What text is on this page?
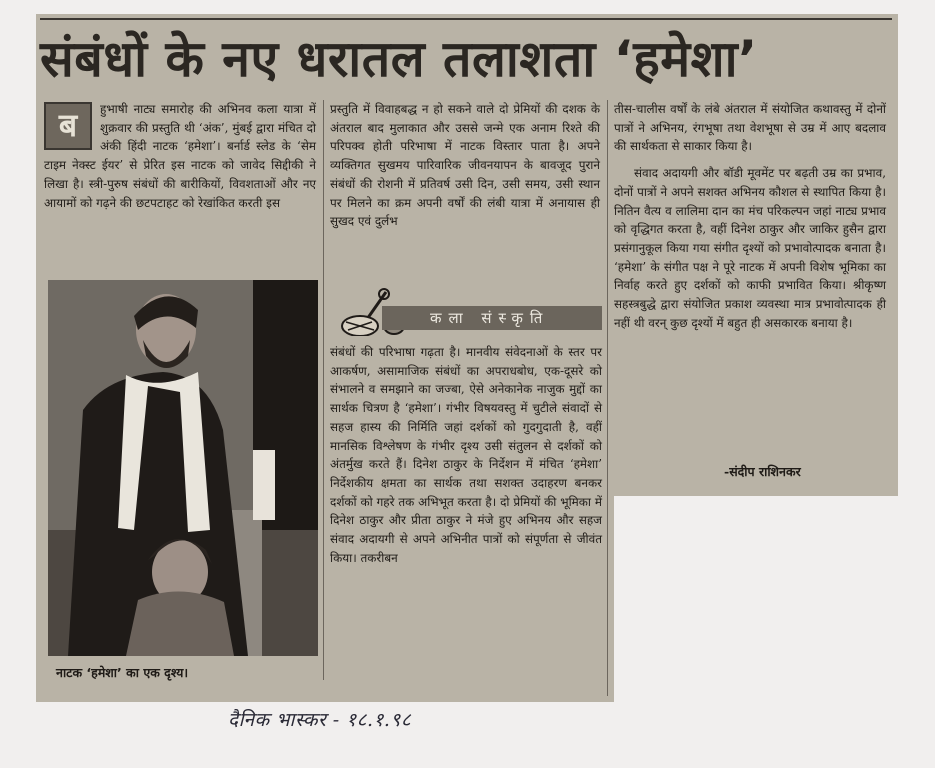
संबंधों के नए धरातल तलाशता ‘हमेशा’

ब	हुभाषी नाट्य समारोह की अभिनव कला यात्रा में शुक्रवार की प्रस्तुति थी ‘अंक’, मुंबई द्वारा मंचित दो अंकी हिंदी नाटक ‘हमेशा’। बर्नार्ड स्लेड के ‘सेम टाइम नेक्स्ट ईयर’ से प्रेरित इस नाटक को जावेद सिद्दीकी ने लिखा है। स्त्री-पुरुष संबंधों की बारीकियों, विवशताओं और नए आयामों को गढ़ने की छटपटाहट को रेखांकित करती इस

नाटक ‘हमेशा’ का एक दृश्य।

प्रस्तुति में विवाहबद्ध न हो सकने वाले दो प्रेमियों की दशक के अंतराल बाद मुलाकात और उससे जन्मे एक अनाम रिश्ते की परिपक्व होती परिभाषा में नाटक विस्तार पाता है। अपने व्यक्तिगत सुखमय पारिवारिक जीवनयापन के बावजूद पुराने संबंधों की रोशनी में प्रतिवर्ष उसी दिन, उसी समय, उसी स्थान पर मिलने का क्रम अपनी वर्षों की लंबी यात्रा में अनायास ही सुखद एवं दुर्लभ

कला संस्कृति

संबंधों की परिभाषा गढ़ता है। मानवीय संवेदनाओं के स्तर पर आकर्षण, असामाजिक संबंधों का अपराधबोध, एक-दूसरे को संभालने व समझाने का जज्बा, ऐसे अनेकानेक नाजुक मुद्दों का सार्थक चित्रण है ‘हमेशा’। गंभीर विषयवस्तु में चुटीले संवादों से सहज हास्य की निर्मिति जहां दर्शकों को गुदगुदाती है, वहीं मानसिक विश्लेषण के गंभीर दृश्य उसी संतुलन से दर्शकों को अंतर्मुख करते हैं। दिनेश ठाकुर के निर्देशन में मंचित ‘हमेशा’ निर्देशकीय क्षमता का सार्थक तथा सशक्त उदाहरण बनकर दर्शकों को गहरे तक अभिभूत करता है। दो प्रेमियों की भूमिका में दिनेश ठाकुर और प्रीता ठाकुर ने मंजे हुए अभिनय और सहज संवाद अदायगी से अपने अभिनीत पात्रों को संपूर्णता से जीवंत किया। तकरीबन

तीस-चालीस वर्षों के लंबे अंतराल में संयोजित कथावस्तु में दोनों पात्रों ने अभिनय, रंगभूषा तथा वेशभूषा से उम्र में आए बदलाव की सार्थकता से साकार किया है।

संवाद अदायगी और बॉडी मूवमेंट पर बढ़ती उम्र का प्रभाव, दोनों पात्रों ने अपने सशक्त अभिनय कौशल से स्थापित किया है। नितिन वैत्य व लालिमा दान का मंच परिकल्पन जहां नाट्य प्रभाव को वृद्धिगत करता है, वहीं दिनेश ठाकुर और जाकिर हुसैन द्वारा प्रसंगानुकूल किया गया संगीत दृश्यों को प्रभावोत्पादक बनाता है। ‘हमेशा’ के संगीत पक्ष ने पूरे नाटक में अपनी विशेष भूमिका का निर्वाह करते हुए दर्शकों को काफी प्रभावित किया। श्रीकृष्ण सहस्त्रबुद्धे द्वारा संयोजित प्रकाश व्यवस्था मात्र प्रभावोत्पादक ही नहीं थी वरन् कुछ दृश्यों में बहुत ही असकारक बनाया है।

-संदीप राशिनकर
दैनिक भास्कर - १८.१.९८
